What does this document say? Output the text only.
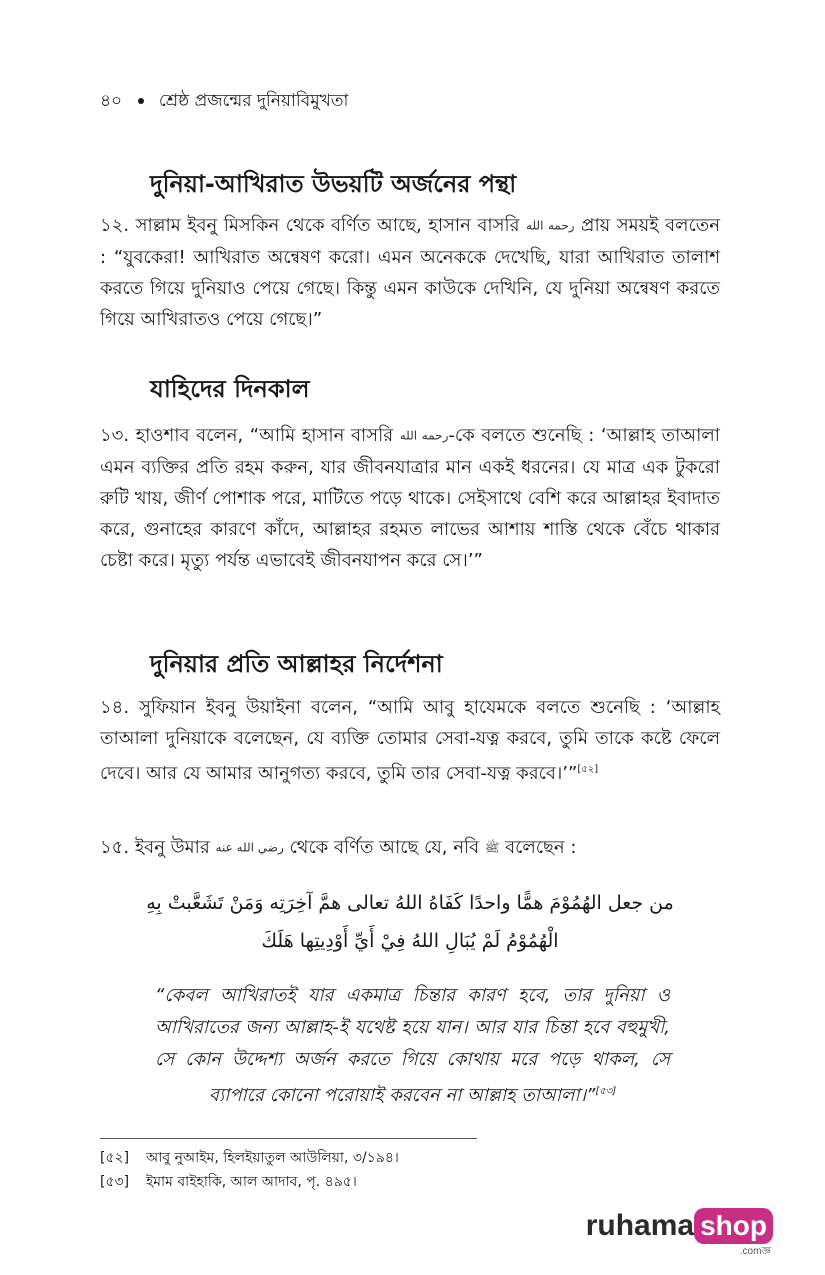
৪০ শ্রেষ্ঠ প্রজন্মের দুনিয়াবিমুখতা
দুনিয়া-আখিরাত উভয়টি অর্জনের পন্থা

১২. সাল্লাম ইবনু মিসকিন থেকে বর্ণিত আছে, হাসান বাসরি رحمه الله প্রায় সময়ই বলতেন : “যুবকেরা! আখিরাত অন্বেষণ করো। এমন অনেককে দেখেছি, যারা আখিরাত তালাশ করতে গিয়ে দুনিয়াও পেয়ে গেছে। কিন্তু এমন কাউকে দেখিনি, যে দুনিয়া অন্বেষণ করতে গিয়ে আখিরাতও পেয়ে গেছে।”

যাহিদের দিনকাল

১৩. হাওশাব বলেন, “আমি হাসান বাসরি رحمه الله-কে বলতে শুনেছি : ‘আল্লাহ তাআলা এমন ব্যক্তির প্রতি রহম করুন, যার জীবনযাত্রার মান একই ধরনের। যে মাত্র এক টুকরো রুটি খায়, জীর্ণ পোশাক পরে, মাটিতে পড়ে থাকে। সেইসাথে বেশি করে আল্লাহর ইবাদাত করে, গুনাহের কারণে কাঁদে, আল্লাহর রহমত লাভের আশায় শাস্তি থেকে বেঁচে থাকার চেষ্টা করে। মৃত্যু পর্যন্ত এভাবেই জীবনযাপন করে সে।’”

দুনিয়ার প্রতি আল্লাহর নির্দেশনা

১৪. সুফিয়ান ইবনু উয়াইনা বলেন, “আমি আবু হাযেমকে বলতে শুনেছি : ‘আল্লাহ তাআলা দুনিয়াকে বলেছেন, যে ব্যক্তি তোমার সেবা-যত্ন করবে, তুমি তাকে কষ্টে ফেলে দেবে। আর যে আমার আনুগত্য করবে, তুমি তার সেবা-যত্ন করবে।’”[৫২]

১৫. ইবনু উমার رضي الله عنه থেকে বর্ণিত আছে যে, নবি ﷺ বলেছেন :

من جعل الهُمُوْمَ همًّا واحدًا كَفَاهُ اللهُ تعالى همَّ آخِرَتِه وَمَنْ تَشَعَّبتْ بِهِ
الْهُمُوْمُ لَمْ يُبَالِ اللهُ فِيْ أَيِّ أَوْدِيتِها هَلَكَ

“কেবল আখিরাতই যার একমাত্র চিন্তার কারণ হবে, তার দুনিয়া ও আখিরাতের জন্য আল্লাহ-ই যথেষ্ট হয়ে যান। আর যার চিন্তা হবে বহুমুখী, সে কোন উদ্দেশ্য অর্জন করতে গিয়ে কোথায় মরে পড়ে থাকল, সে ব্যাপারে কোনো পরোয়াই করবেন না আল্লাহ তাআলা।”[৫৩]

[৫২] আবু নুআইম, হিলইয়াতুল আউলিয়া, ৩/১৯৪।
[৫৩] ইমাম বাইহাকি, আল আদাব, পৃ. ৪৯৫।
ruhama shop
.comজ্ঞ
